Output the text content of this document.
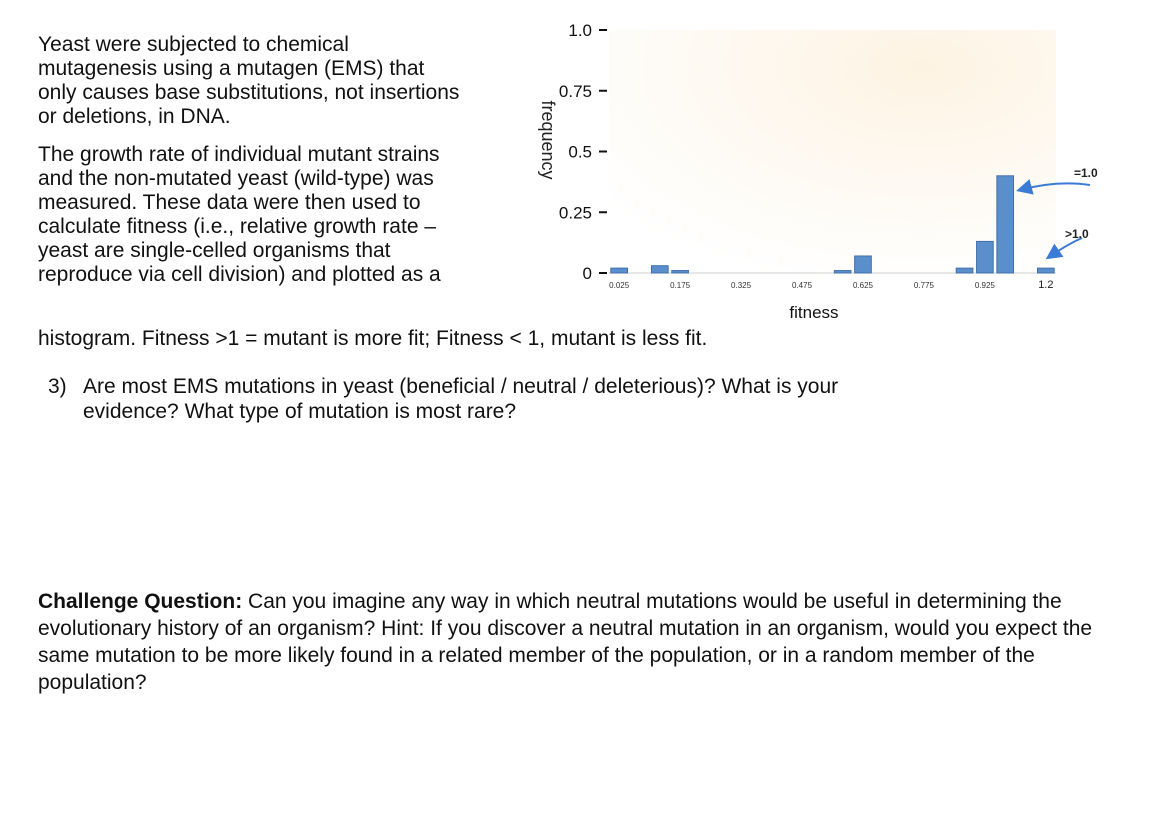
Yeast were subjected to chemical
mutagenesis using a mutagen (EMS) that
only causes base substitutions, not insertions
or deletions, in DNA.

The growth rate of individual mutant strains
and the non-mutated yeast (wild-type) was
measured. These data were then used to
calculate fitness (i.e., relative growth rate –
yeast are single-celled organisms that
reproduce via cell division) and plotted as a

histogram. Fitness >1 = mutant is more fit; Fitness < 1, mutant is less fit.
frequency
1.0
0.75
0.5
0.25
0
0.025	0.175	0.325	0.475	0.625	0.775	0.925	1.2
fitness
=1.0
>1.0
3) Are most EMS mutations in yeast (beneficial / neutral / deleterious)? What is your
evidence? What type of mutation is most rare?
Challenge Question: Can you imagine any way in which neutral mutations would be useful in determining the evolutionary history of an organism? Hint: If you discover a neutral mutation in an organism, would you expect the same mutation to be more likely found in a related member of the population, or in a random member of the population?
